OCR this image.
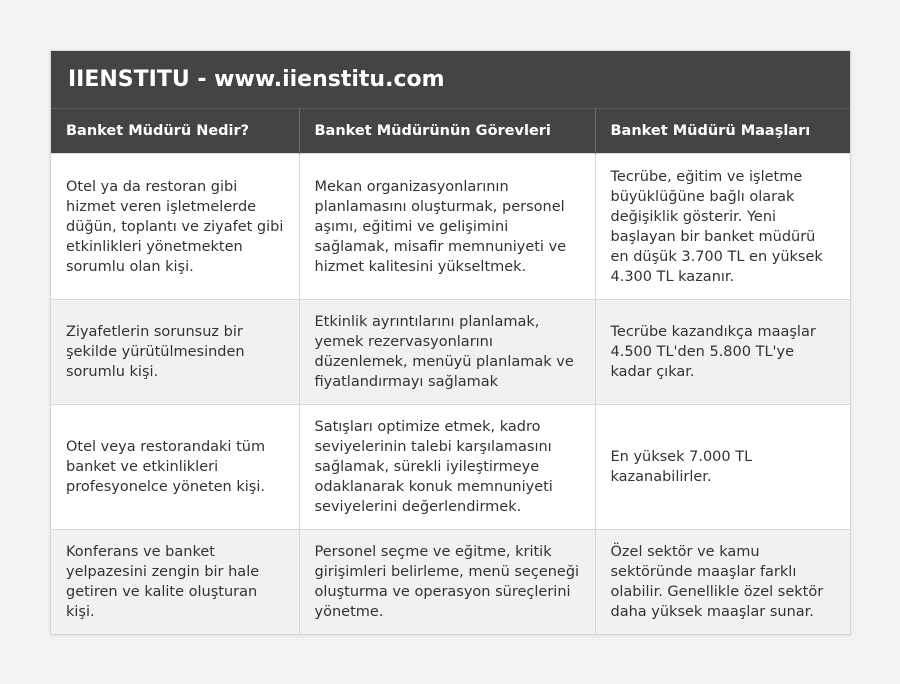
IIENSTITU - www.iienstitu.com
Banket Müdürü Nedir?	Banket Müdürünün Görevleri	Banket Müdürü Maaşları
Otel ya da restoran gibi hizmet veren işletmelerde düğün, toplantı ve ziyafet gibi etkinlikleri yönetmekten sorumlu olan kişi.	Mekan organizasyonlarının planlamasını oluşturmak, personel aşımı, eğitimi ve gelişimini sağlamak, misafir memnuniyeti ve hizmet kalitesini yükseltmek.	Tecrübe, eğitim ve işletme büyüklüğüne bağlı olarak değişiklik gösterir. Yeni başlayan bir banket müdürü en düşük 3.700 TL en yüksek 4.300 TL kazanır.
Ziyafetlerin sorunsuz bir şekilde yürütülmesinden sorumlu kişi.	Etkinlik ayrıntılarını planlamak, yemek rezervasyonlarını düzenlemek, menüyü planlamak ve fiyatlandırmayı sağlamak	Tecrübe kazandıkça maaşlar 4.500 TL'den 5.800 TL'ye kadar çıkar.
Otel veya restorandaki tüm banket ve etkinlikleri profesyonelce yöneten kişi.	Satışları optimize etmek, kadro seviyelerinin talebi karşılamasını sağlamak, sürekli iyileştirmeye odaklanarak konuk memnuniyeti seviyelerini değerlendirmek.	En yüksek 7.000 TL kazanabilirler.
Konferans ve banket yelpazesini zengin bir hale getiren ve kalite oluşturan kişi.	Personel seçme ve eğitme, kritik girişimleri belirleme, menü seçeneği oluşturma ve operasyon süreçlerini yönetme.	Özel sektör ve kamu sektöründe maaşlar farklı olabilir. Genellikle özel sektör daha yüksek maaşlar sunar.
